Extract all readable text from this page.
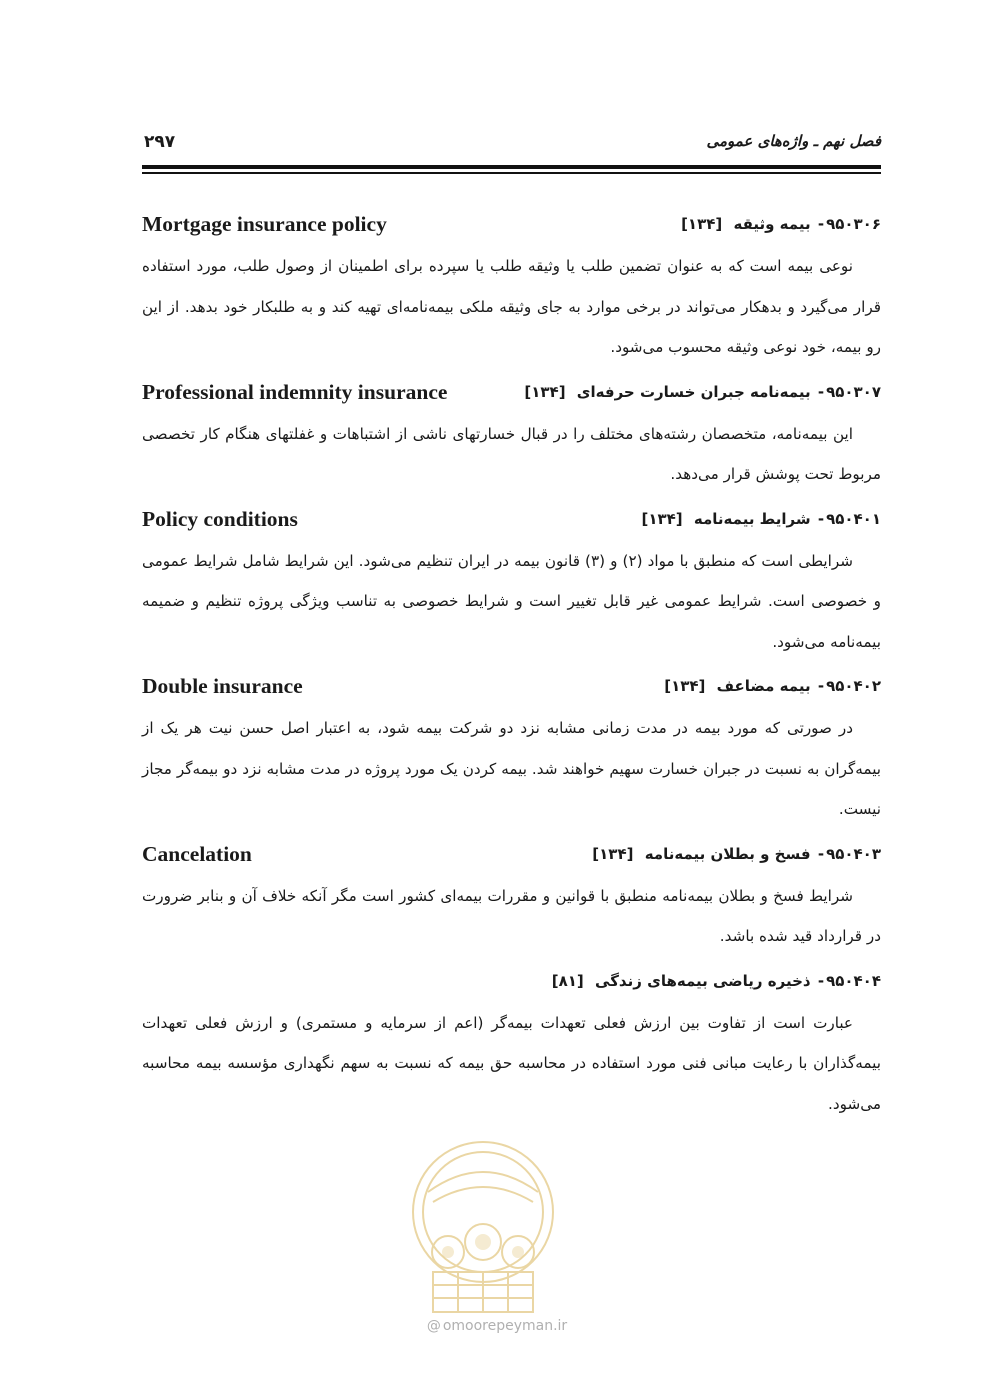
۲۹۷	فصل نهم ـ واژه‌های عمومی
Mortgage insurance policy	۹۵۰۳۰۶- بیمه وثیقه [۱۳۴]

نوعی بیمه است که به عنوان تضمین طلب یا وثیقه طلب یا سپرده برای اطمینان از وصول طلب، مورد استفاده قرار می‌گیرد و بدهکار می‌تواند در برخی موارد به جای وثیقه ملکی بیمه‌نامه‌ای تهیه کند و به طلبکار خود بدهد. از این رو بیمه، خود نوعی وثیقه محسوب می‌شود.

Professional indemnity insurance	۹۵۰۳۰۷- بیمه‌نامه جبران خسارت حرفه‌ای [۱۳۴]

این بیمه‌نامه، متخصصان رشته‌های مختلف را در قبال خسارتهای ناشی از اشتباهات و غفلتهای هنگام کار تخصصی مربوط تحت پوشش قرار می‌دهد.

Policy conditions	۹۵۰۴۰۱- شرایط بیمه‌نامه [۱۳۴]

شرایطی است که منطبق با مواد (۲) و (۳) قانون بیمه در ایران تنظیم می‌شود. این شرایط شامل شرایط عمومی و خصوصی است. شرایط عمومی غیر قابل تغییر است و شرایط خصوصی به تناسب ویژگی پروژه تنظیم و ضمیمه بیمه‌نامه می‌شود.

Double insurance	۹۵۰۴۰۲- بیمه مضاعف [۱۳۴]

در صورتی که مورد بیمه در مدت زمانی مشابه نزد دو شرکت بیمه شود، به اعتبار اصل حسن نیت هر یک از بیمه‌گران به نسبت در جبران خسارت سهیم خواهند شد. بیمه کردن یک مورد پروژه در مدت مشابه نزد دو بیمه‌گر مجاز نیست.

Cancelation	۹۵۰۴۰۳- فسخ و بطلان بیمه‌نامه [۱۳۴]

شرایط فسخ و بطلان بیمه‌نامه منطبق با قوانین و مقررات بیمه‌ای کشور است مگر آنکه خلاف آن و بنابر ضرورت در قرارداد قید شده باشد.

۹۵۰۴۰۴- ذخیره ریاضی بیمه‌های زندگی [۸۱]

عبارت است از تفاوت بین ارزش فعلی تعهدات بیمه‌گر (اعم از سرمایه و مستمری) و ارزش فعلی تعهدات بیمه‌گذاران با رعایت مبانی فنی مورد استفاده در محاسبه حق بیمه که نسبت به سهم نگهداری مؤسسه بیمه محاسبه می‌شود.

@ omoorepeyman.ir
